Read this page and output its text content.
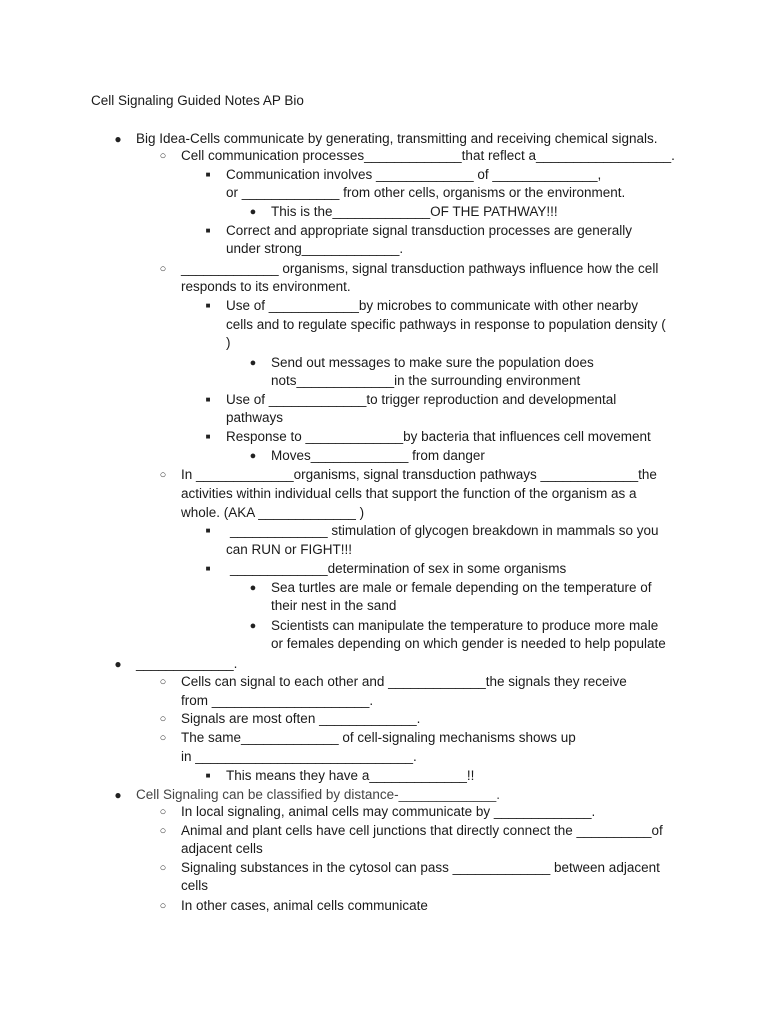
Cell Signaling Guided Notes AP Bio
● Big Idea-Cells communicate by generating, transmitting and receiving chemical signals.
○ Cell communication processes_____________that reflect a__________________.
■	Communication involves _____________ of ______________,
or _____________ from other cells, organisms or the environment.
● This is the_____________OF THE PATHWAY!!!
■	Correct and appropriate signal transduction processes are generally
under strong_____________.
○ _____________ organisms, signal transduction pathways influence how the cell
responds to its environment.
■	Use of ____________by microbes to communicate with other nearby
cells and to regulate specific pathways in response to population density (
)
● Send out messages to make sure the population does
nots_____________in the surrounding environment
■	Use of _____________to trigger reproduction and developmental
pathways
■	Response to _____________by bacteria that influences cell movement
● Moves_____________ from danger
○ In _____________organisms, signal transduction pathways _____________the
activities within individual cells that support the function of the organism as a
whole. (AKA _____________ )
■	_____________ stimulation of glycogen breakdown in mammals so you
can RUN or FIGHT!!!
■	_____________determination of sex in some organisms
● Sea turtles are male or female depending on the temperature of
their nest in the sand
● Scientists can manipulate the temperature to produce more male
or females depending on which gender is needed to help populate
● _____________.
○ Cells can signal to each other and _____________the signals they receive
from _____________________.
○ Signals are most often _____________.
○ The same_____________ of cell-signaling mechanisms shows up
in _____________________________.
■	This means they have a_____________!!
● Cell Signaling can be classified by distance-_____________.
○ In local signaling, animal cells may communicate by _____________.
○ Animal and plant cells have cell junctions that directly connect the __________of
adjacent cells
○ Signaling substances in the cytosol can pass _____________ between adjacent
cells
○ In other cases, animal cells communicate
